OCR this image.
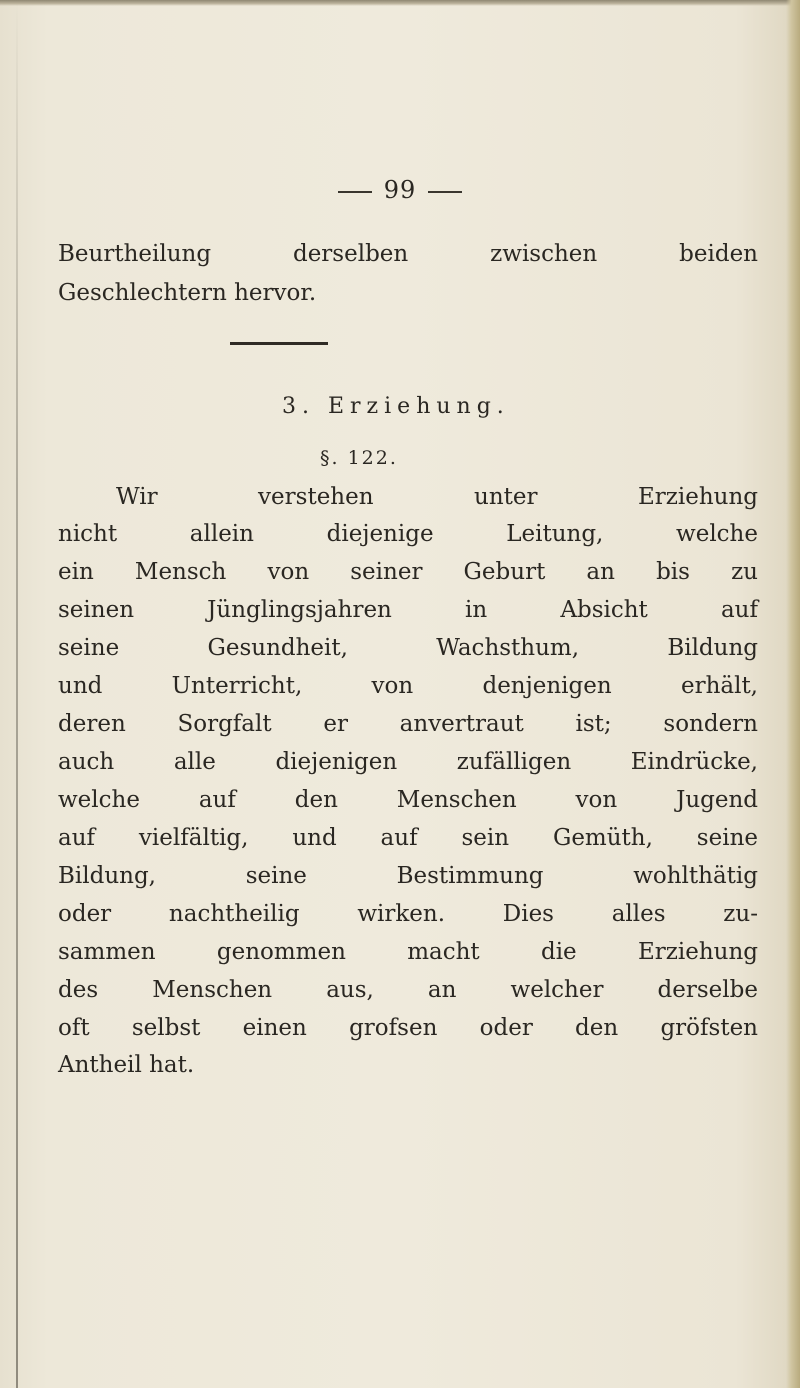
99
Beurtheilung derselben zwischen beiden
Geschlechtern hervor.
3. Erziehung.
§. 122.
Wir verstehen unter Erziehung
nicht allein diejenige Leitung, welche
ein Mensch von seiner Geburt an bis zu
seinen Jünglingsjahren in Absicht auf
seine Gesundheit, Wachsthum, Bildung
und Unterricht, von denjenigen erhält,
deren Sorgfalt er anvertraut ist; sondern
auch alle diejenigen zufälligen Eindrücke,
welche auf den Menschen von Jugend
auf vielfältig, und auf sein Gemüth, seine
Bildung, seine Bestimmung wohlthätig
oder nachtheilig wirken. Dies alles zu-
sammen genommen macht die Erziehung
des Menschen aus, an welcher derselbe
oft selbst einen grofsen oder den gröfsten
Antheil hat.
